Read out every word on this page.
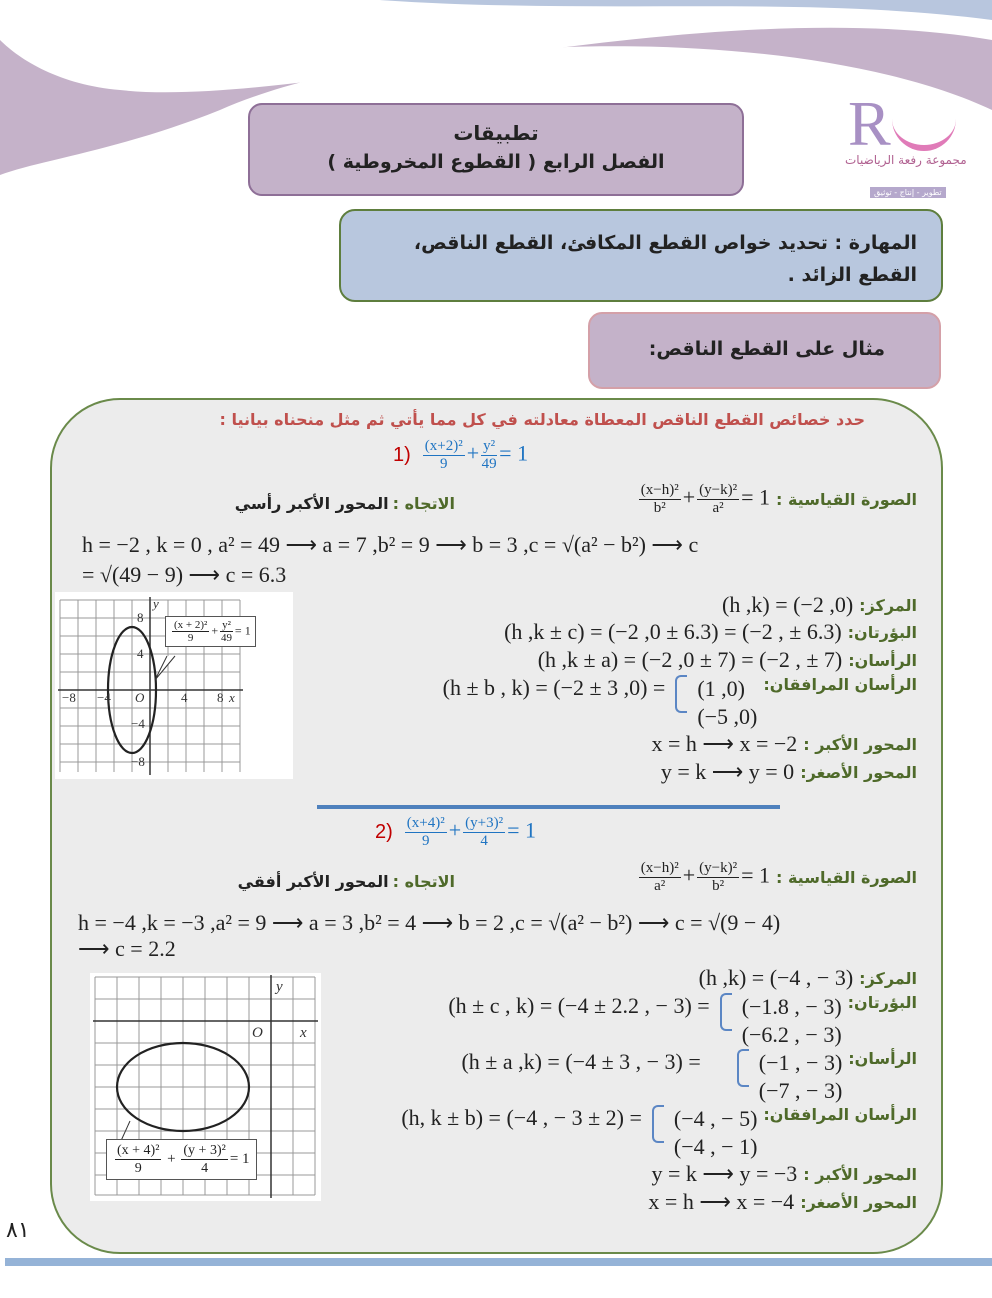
R
مجموعة رفعة الرياضيات
تطوير - إنتاج - توثيق
تطبيقات
الفصل الرابع ( القطوع المخروطية )
المهارة : تحديد خواص القطع المكافئ، القطع الناقص، القطع الزائد .
مثال على القطع الناقص:
حدد خصائص القطع الناقص المعطاة معادلته في كل مما يأتي ثم مثل منحناه بيانيا :
$1) \frac{\text{(x+2)²}}{9} + \frac{\text{y²}}{49} = 1$
الصورة القياسية :
$\frac{\text{(x−h)²}}{\text{b²}} + \frac{\text{(y−k)²}}{\text{a²}} = 1$
الاتجاه :
المحور الأكبر رأسي
h = −2 , k = 0 , a² = 49 ⟶ a = 7 ,b² = 9 ⟶ b = 3 ,c = √(a² − b²) ⟶ c
= √(49 − 9) ⟶ c = 6.3
المركز:
(h ,k) = (−2 ,0)
البؤرتان:
(h ,k ± c) = (−2 ,0 ± 6.3) = (−2 , ± 6.3)
الرأسان:
(h ,k ± a) = (−2 ,0 ± 7) = (−2 , ± 7)
الرأسان المرافقان:
(1 ,0)
(−5 ,0)
(h ± b , k) = (−2 ± 3 ,0) =
المحور الأكبر :
x = h ⟶ x = −2
المحور الأصغر:
y = k ⟶ y = 0
−8 −4 O	4 8 x
y
8
4
−4
−8
$\frac{\text{(x + 2)²}}{9} + \frac{\text{y²}}{49} = 1$
$2) \frac{\text{(x+4)²}}{9} + \frac{\text{(y+3)²}}{4} = 1$
الصورة القياسية :
$\frac{\text{(x−h)²}}{\text{a²}} + \frac{\text{(y−k)²}}{\text{b²}} = 1$
الاتجاه :
المحور الأكبر أفقي
h = −4 ,k = −3 ,a² = 9 ⟶ a = 3 ,b² = 4 ⟶ b = 2 ,c = √(a² − b²) ⟶ c = √(9 − 4)
⟶ c = 2.2
المركز:
(h ,k) = (−4 , − 3)
البؤرتان:
(−1.8 , − 3)
(−6.2 , − 3)
(h ± c , k) = (−4 ± 2.2 , − 3) =
الرأسان:
(−1 , − 3)
(−7 , − 3)
(h ± a ,k) = (−4 ± 3 , − 3) =
الرأسان المرافقان:
(−4 , − 5)
(−4 , − 1)
(h, k ± b) = (−4 , − 3 ± 2) =
المحور الأكبر :
y = k ⟶ y = −3
المحور الأصغر:
x = h ⟶ x = −4
y
O x
$\frac{\text{(x + 4)²}}{9} + \frac{\text{(y + 3)²}}{4} = 1$
٨١
